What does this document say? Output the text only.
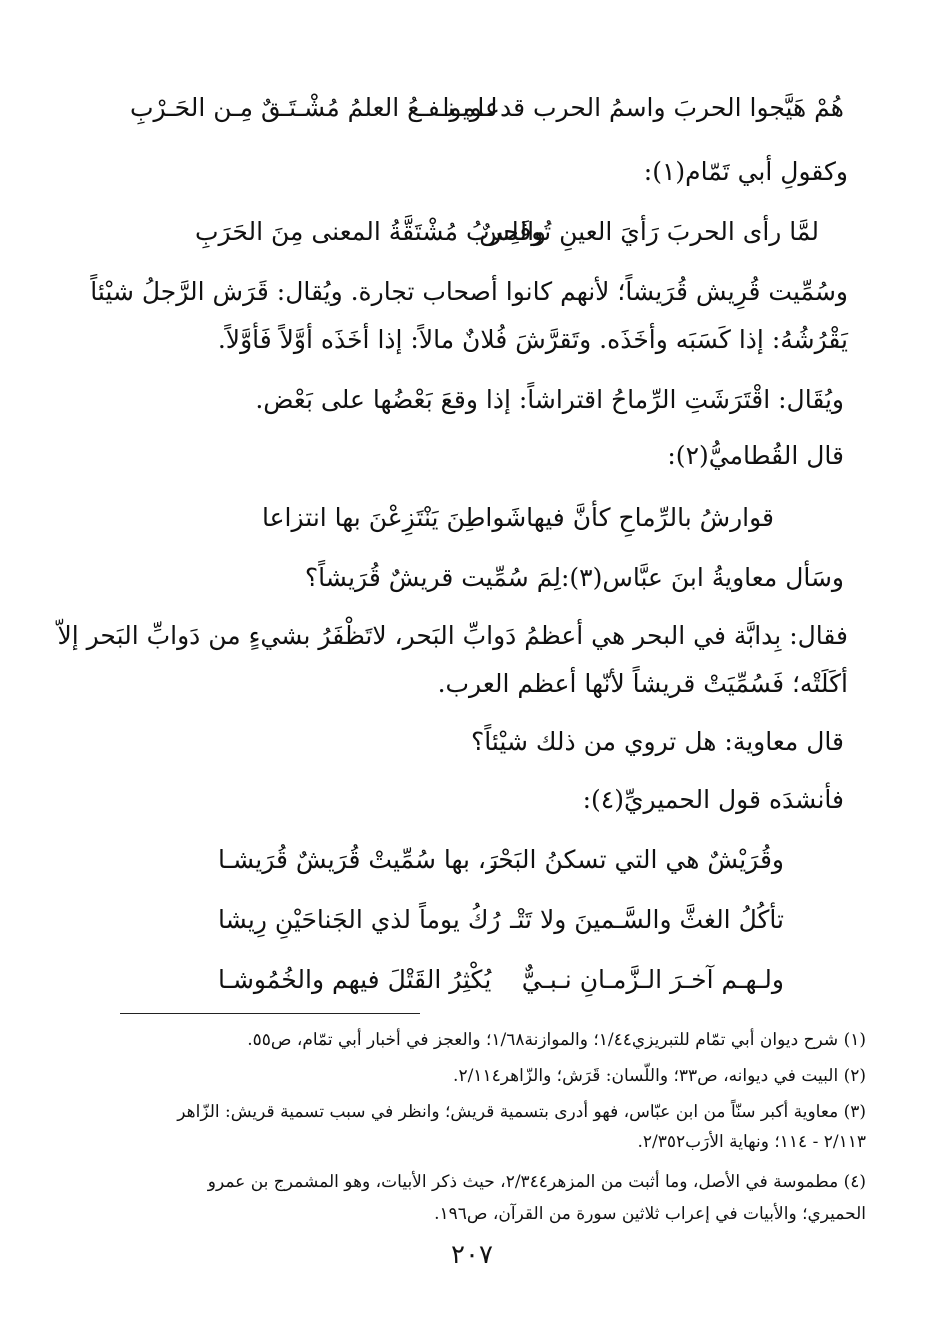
هُمْ هَيَّجوا الحربَ واسمُ الحرب قدعلموا
لـويـنـفـعُ العلمُ مُشْـتَـقٌ مِـن الحَـرْبِ
وكقولِ أبي تَمّام(١):
لمَّا رأى الحربَ رَأيَ العينِ تُوفَلِسٌ
والحربُ مُشْتَقَّةُ المعنى مِنَ الحَرَبِ
وسُمِّيت قُرِيش قُرَيشاً؛ لأنهم كانوا أصحاب تجارة. ويُقال: قَرَش الرَّجلُ شيْئاً
يَقْرُشُهُ: إذا كَسَبَه وأخَذَه. وتَقرَّشَ فُلانٌ مالاً: إذا أخَذَه أوَّلاً فَأوَّلاً.
ويُقَال: اقْتَرَشَتِ الرِّماحُ اقتراشاً: إذا وقعَ بَعْضُها على بَعْض.
قال القُطاميُّ(٢):
قوارشُ بالرِّماحِ كأنَّ فيها
شَواطِنَ يَنْتَزِعْنَ بها انتزاعا
وسَأل معاويةُ ابنَ عبَّاس(٣):لِمَ سُمِّيت قريشٌ قُرَيشاً؟
فقال: بِدابَّة في البحر هي أعظمُ دَوابِّ البَحر، لاتَظْفَرُ بشيءٍ من دَوابِّ البَحر إلاّ
أكَلَتْه؛ فَسُمِّيَتْ قريشاً لأنّها أعظم العرب.
قال معاوية: هل تروي من ذلك شيْئاً؟
فأنشدَه قول الحميريِّ(٤):
وقُرَيْشٌ هي التي تسكنُ البَحْـ
رَ، بها سُمِّيتْ قُرَيشٌ قُرَيشـا
تأكُلُ الغثَّ والسَّـمينَ ولا تَتْـ
رُكُ يوماً لذي الجَناحَيْنِ رِيشا
ولـهـم آخـرَ الـزَّمـانِ نـبـيٌّ
يُكْثِرُ القَتْلَ فيهم والخُمُوشـا
(١) شرح ديوان أبي تمّام للتبريزي١/٤٤؛ والموازنة١/٦٨؛ والعجز في أخبار أبي تمّام، ص٥٥.
(٢) البيت في ديوانه، ص٣٣؛ واللّسان: قَرَش؛ والزّاهر٢/١١٤.
(٣) معاوية أكبر سنّاً من ابن عبّاس، فهو أدرى بتسمية قريش؛ وانظر في سبب تسمية قريش: الزّاهر
٢/١١٣ - ١١٤؛ ونهاية الأرَب٢/٣٥٢.
(٤) مطموسة في الأصل، وما أثبت من المزهر٢/٣٤٤، حيث ذكر الأبيات، وهو المشمرج بن عمرو
الحميري؛ والأبيات في إعراب ثلاثين سورة من القرآن، ص١٩٦.
٢٠٧
